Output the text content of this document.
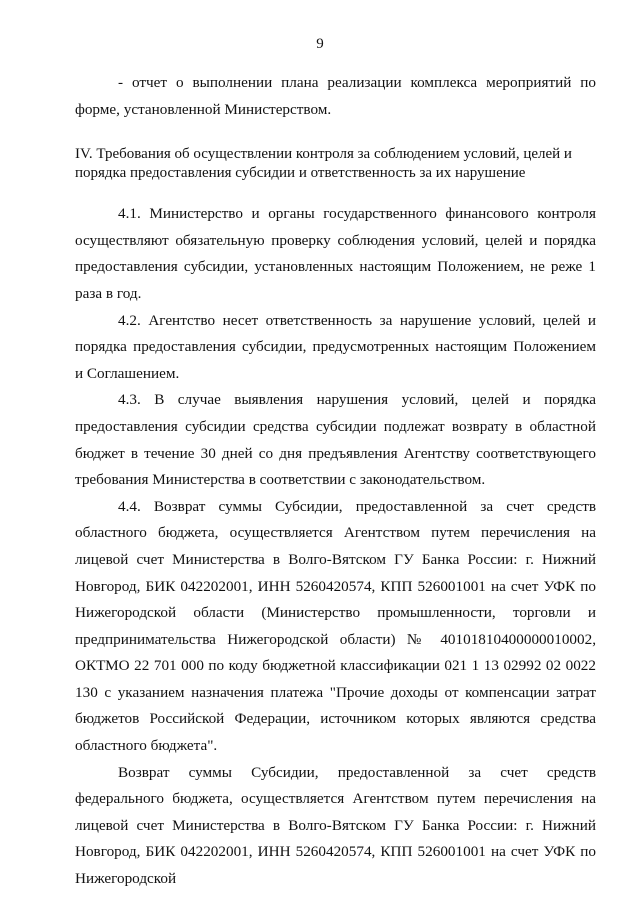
9

- отчет о выполнении плана реализации комплекса мероприятий по форме, установленной Министерством.

IV. Требования об осуществлении контроля за соблюдением условий, целей и
порядка предоставления субсидии и ответственность за их нарушение

4.1. Министерство и органы государственного финансового контроля осуществляют обязательную проверку соблюдения условий, целей и порядка предоставления субсидии, установленных настоящим Положением, не реже 1 раза в год.

4.2. Агентство несет ответственность за нарушение условий, целей и порядка предоставления субсидии, предусмотренных настоящим Положением и Соглашением.

4.3. В случае выявления нарушения условий, целей и порядка предоставления субсидии средства субсидии подлежат возврату в областной бюджет в течение 30 дней со дня предъявления Агентству соответствующего требования Министерства в соответствии с законодательством.

4.4. Возврат суммы Субсидии, предоставленной за счет средств областного бюджета, осуществляется Агентством путем перечисления на лицевой счет Министерства в Волго-Вятском ГУ Банка России: г. Нижний Новгород, БИК 042202001, ИНН 5260420574, КПП 526001001 на счет УФК по Нижегородской области (Министерство промышленности, торговли и предпринимательства Нижегородской области) № 40101810400000010002, ОКТМО 22 701 000 по коду бюджетной классификации 021 1 13 02992 02 0022 130 с указанием назначения платежа "Прочие доходы от компенсации затрат бюджетов Российской Федерации, источником которых являются средства областного бюджета".

Возврат суммы Субсидии, предоставленной за счет средств федерального бюджета, осуществляется Агентством путем перечисления на лицевой счет Министерства в Волго-Вятском ГУ Банка России: г. Нижний Новгород, БИК 042202001, ИНН 5260420574, КПП 526001001 на счет УФК по Нижегородской
